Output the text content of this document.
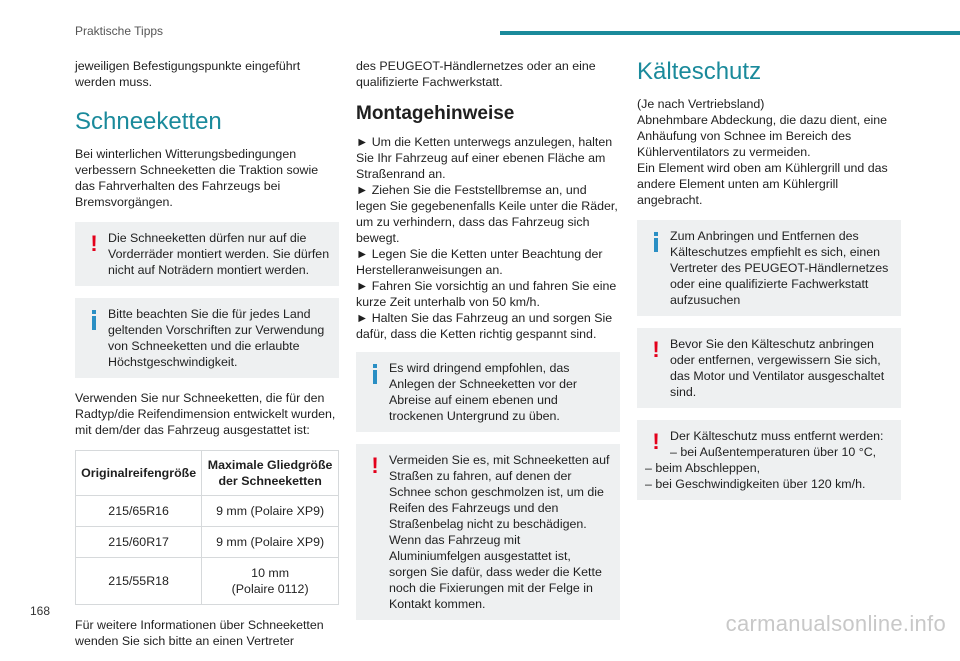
Praktische Tipps

jeweiligen Befestigungspunkte eingeführt werden muss.

Schneeketten

Bei winterlichen Witterungsbedingungen verbessern Schneeketten die Traktion sowie das Fahrverhalten des Fahrzeugs bei Bremsvorgängen.

! Die Schneeketten dürfen nur auf die Vorderräder montiert werden. Sie dürfen nicht auf Noträdern montiert werden.
Bitte beachten Sie die für jedes Land geltenden Vorschriften zur Verwendung von Schneeketten und die erlaubte Höchstgeschwindigkeit.

Verwenden Sie nur Schneeketten, die für den Radtyp/die Reifendimension entwickelt wurden, mit dem/der das Fahrzeug ausgestattet ist:

Originalreifengröße	Maximale Gliedgröße der Schneeketten
215/65R16	9 mm (Polaire XP9)
215/60R17	9 mm (Polaire XP9)
215/55R18	10 mm
(Polaire 0112)

Für weitere Informationen über Schneeketten wenden Sie sich bitte an einen Vertreter

des PEUGEOT-Händlernetzes oder an eine qualifizierte Fachwerkstatt.

Montagehinweise
► Um die Ketten unterwegs anzulegen, halten Sie Ihr Fahrzeug auf einer ebenen Fläche am Straßenrand an.
► Ziehen Sie die Feststellbremse an, und legen Sie gegebenenfalls Keile unter die Räder, um zu verhindern, dass das Fahrzeug sich bewegt.
► Legen Sie die Ketten unter Beachtung der Herstelleranweisungen an.
► Fahren Sie vorsichtig an und fahren Sie eine kurze Zeit unterhalb von 50 km/h.
► Halten Sie das Fahrzeug an und sorgen Sie dafür, dass die Ketten richtig gespannt sind.
Es wird dringend empfohlen, das Anlegen der Schneeketten vor der Abreise auf einem ebenen und trockenen Untergrund zu üben.
! Vermeiden Sie es, mit Schneeketten auf Straßen zu fahren, auf denen der Schnee schon geschmolzen ist, um die Reifen des Fahrzeugs und den Straßenbelag nicht zu beschädigen. Wenn das Fahrzeug mit Aluminiumfelgen ausgestattet ist, sorgen Sie dafür, dass weder die Kette noch die Fixierungen mit der Felge in Kontakt kommen.
Kälteschutz
(Je nach Vertriebsland)
Abnehmbare Abdeckung, die dazu dient, eine Anhäufung von Schnee im Bereich des Kühlerventilators zu vermeiden.
Ein Element wird oben am Kühlergrill und das andere Element unten am Kühlergrill angebracht.
Zum Anbringen und Entfernen des Kälteschutzes empfiehlt es sich, einen Vertreter des PEUGEOT-Händlernetzes oder eine qualifizierte Fachwerkstatt aufzusuchen
! Bevor Sie den Kälteschutz anbringen oder entfernen, vergewissern Sie sich, das Motor und Ventilator ausgeschaltet sind.
! Der Kälteschutz muss entfernt werden:
– bei Außentemperaturen über 10 °C,
– beim Abschleppen,
– bei Geschwindigkeiten über 120 km/h.
168	carmanualsonline.info
